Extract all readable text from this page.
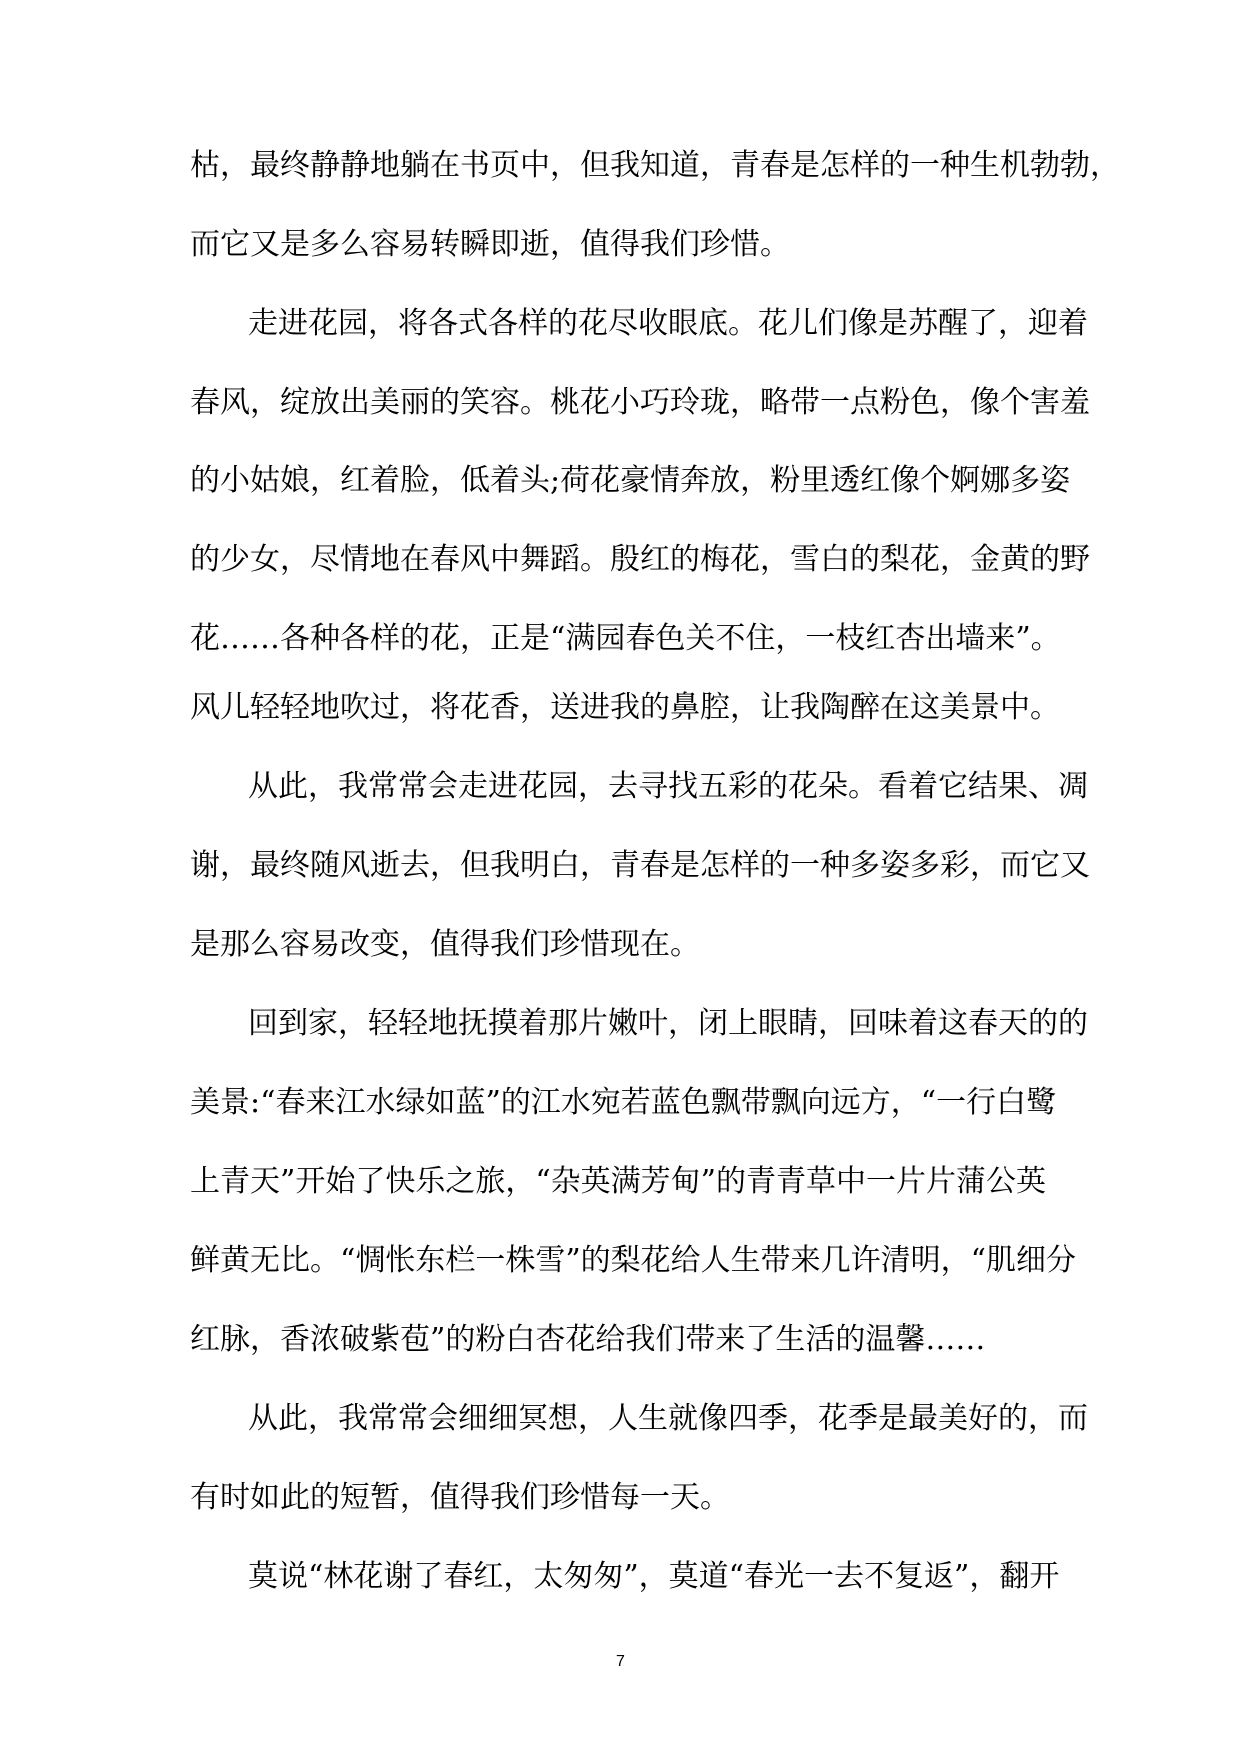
枯，最终静静地躺在书页中，但我知道，青春是怎样的一种生机勃勃，
而它又是多么容易转瞬即逝，值得我们珍惜。
走进花园，将各式各样的花尽收眼底。花儿们像是苏醒了，迎着
春风，绽放出美丽的笑容。桃花小巧玲珑，略带一点粉色，像个害羞
的小姑娘，红着脸，低着头;荷花豪情奔放，粉里透红像个婀娜多姿
的少女，尽情地在春风中舞蹈。殷红的梅花，雪白的梨花，金黄的野
花……各种各样的花，正是“满园春色关不住，一枝红杏出墙来”。
风儿轻轻地吹过，将花香，送进我的鼻腔，让我陶醉在这美景中。
从此，我常常会走进花园，去寻找五彩的花朵。看着它结果、凋
谢，最终随风逝去，但我明白，青春是怎样的一种多姿多彩，而它又
是那么容易改变，值得我们珍惜现在。
回到家，轻轻地抚摸着那片嫩叶，闭上眼睛，回味着这春天的的
美景:“春来江水绿如蓝”的江水宛若蓝色飘带飘向远方，“一行白鹭
上青天”开始了快乐之旅，“杂英满芳甸”的青青草中一片片蒲公英
鲜黄无比。“惆怅东栏一株雪”的梨花给人生带来几许清明，“肌细分
红脉，香浓破紫苞”的粉白杏花给我们带来了生活的温馨……
从此，我常常会细细冥想，人生就像四季，花季是最美好的，而
有时如此的短暂，值得我们珍惜每一天。
莫说“林花谢了春红，太匆匆”，莫道“春光一去不复返”，翻开
7
